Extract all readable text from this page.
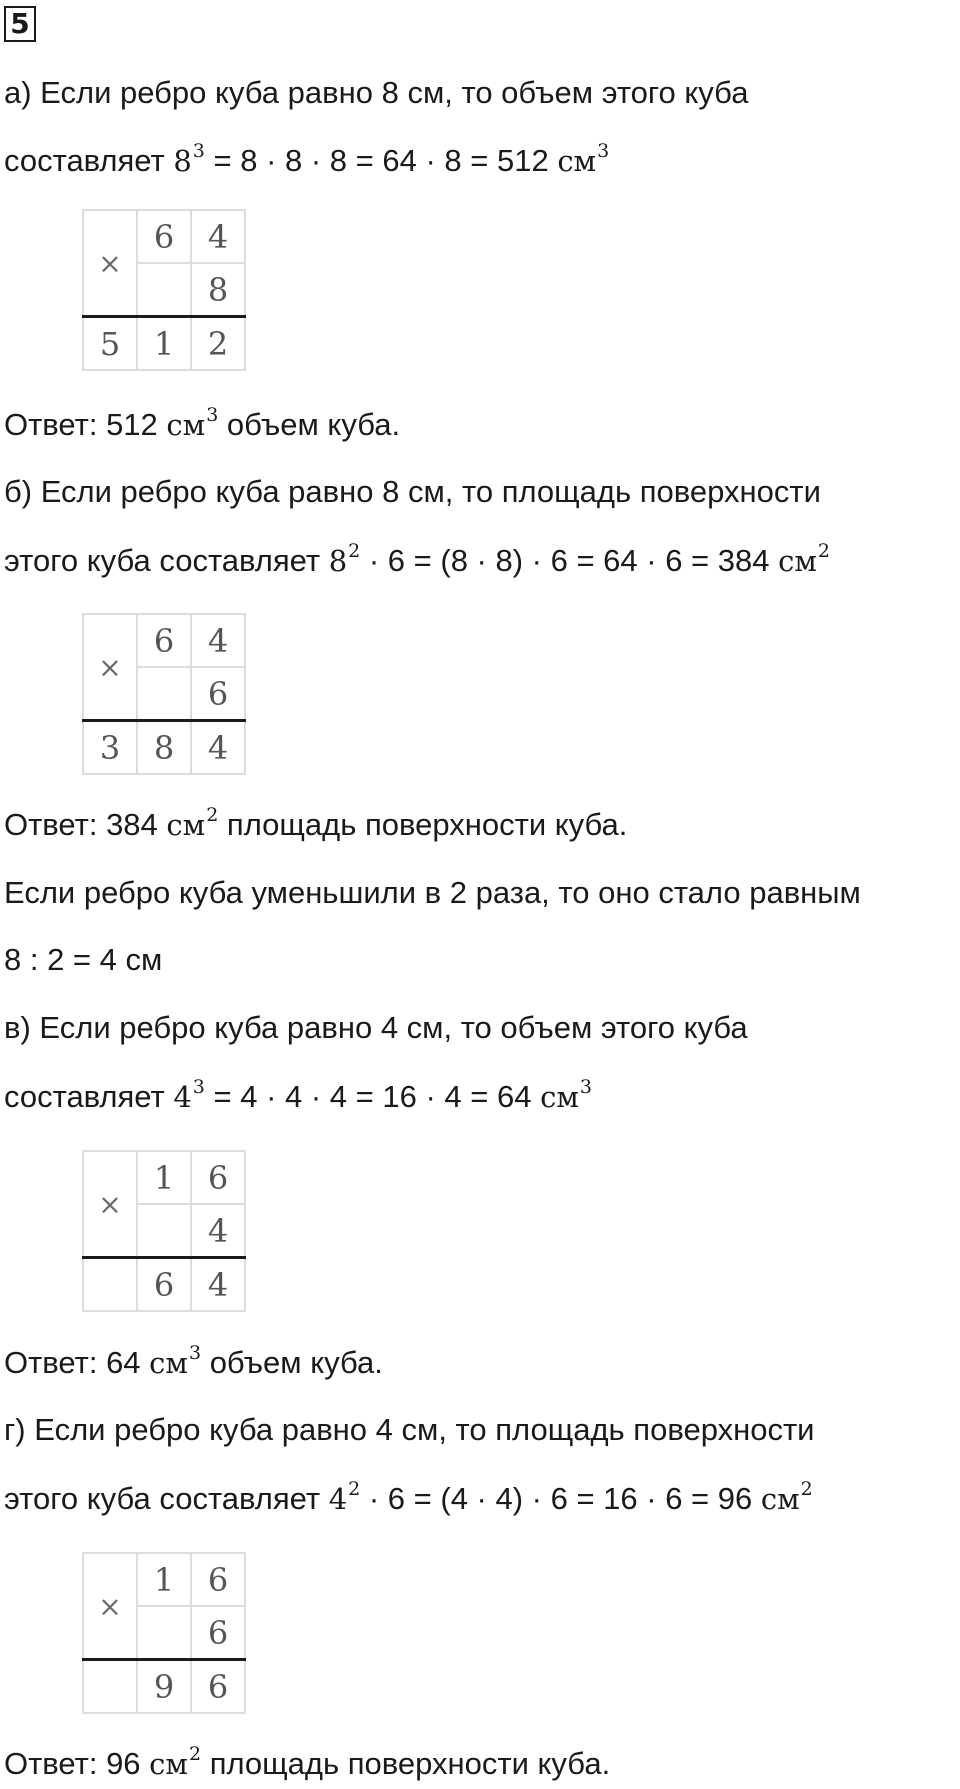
5
а) Если ребро куба равно 8 см, то объем этого куба
составляет $8^3 = 8 \cdot 8 \cdot 8 = 64 \cdot 8 = 512$ $см^3$
×	6	4
		8
5	1	2
Ответ: 512 $см^3$ объем куба.
б) Если ребро куба равно 8 см, то площадь поверхности
этого куба составляет $8^2 \cdot 6 = (8 \cdot 8) \cdot 6 = 64 \cdot 6 = 384$ $см^2$
×	6	4
		6
3	8	4
Ответ: 384 $см^2$ площадь поверхности куба.
Если ребро куба уменьшили в 2 раза, то оно стало равным
8 : 2 = 4 см
в) Если ребро куба равно 4 см, то объем этого куба
составляет $4^3 = 4 \cdot 4 \cdot 4 = 16 \cdot 4 = 64$ $см^3$
×	1	6
		4
	6	4
Ответ: 64 $см^3$ объем куба.
г) Если ребро куба равно 4 см, то площадь поверхности
этого куба составляет $4^2 \cdot 6 = (4 \cdot 4) \cdot 6 = 16 \cdot 6 = 96$ $см^2$
×	1	6
		6
	9	6
Ответ: 96 $см^2$ площадь поверхности куба.
